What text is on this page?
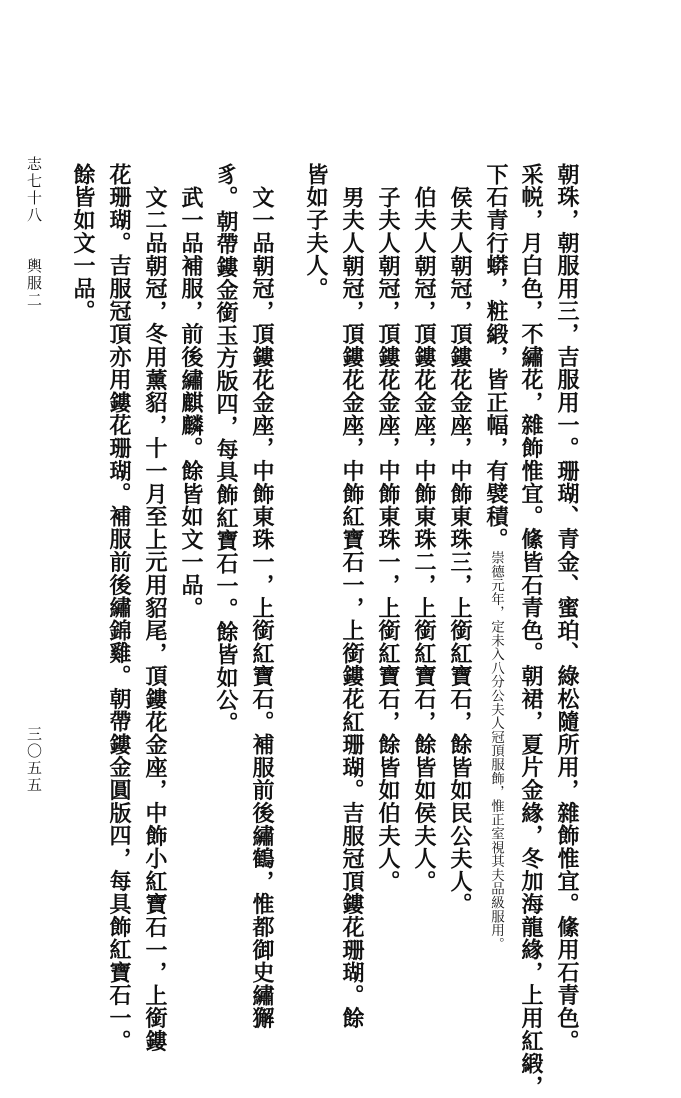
朝珠，朝服用三，吉服用一。珊瑚、青金、蜜珀、綠松隨所用，雜飾惟宜。絛用石青色。
采帨，月白色，不繡花，雜飾惟宜。絛皆石青色。朝裙，夏片金緣，冬加海龍緣，上用紅緞，
下石青行蟒，粧緞，皆正幅，有襞積。崇德元年，定未入八分公夫人冠頂服飾，惟正室視其夫品級服用。
侯夫人朝冠，頂鏤花金座，中飾東珠三，上銜紅寶石，餘皆如民公夫人。
伯夫人朝冠，頂鏤花金座，中飾東珠二，上銜紅寶石，餘皆如侯夫人。
子夫人朝冠，頂鏤花金座，中飾東珠一，上銜紅寶石，餘皆如伯夫人。
男夫人朝冠，頂鏤花金座，中飾紅寶石一，上銜鏤花紅珊瑚。吉服冠頂鏤花珊瑚。餘
皆如子夫人。
文一品朝冠，頂鏤花金座，中飾東珠一，上銜紅寶石。補服前後繡鶴，惟都御史繡獬
豸。
朝帶鏤金銜玉方版四，每具飾紅寶石一。餘皆如公。
武一品補服，前後繡麒麟。餘皆如文一品。
文二品朝冠，冬用薰貂，十一月至上元用貂尾，頂鏤花金座，中飾小紅寶石一，上銜鏤
花珊瑚。吉服冠頂亦用鏤花珊瑚。補服前後繡錦雞。朝帶鏤金圓版四，每具飾紅寶石一。
餘皆如文一品。
志七十八
輿服二
三〇五五
